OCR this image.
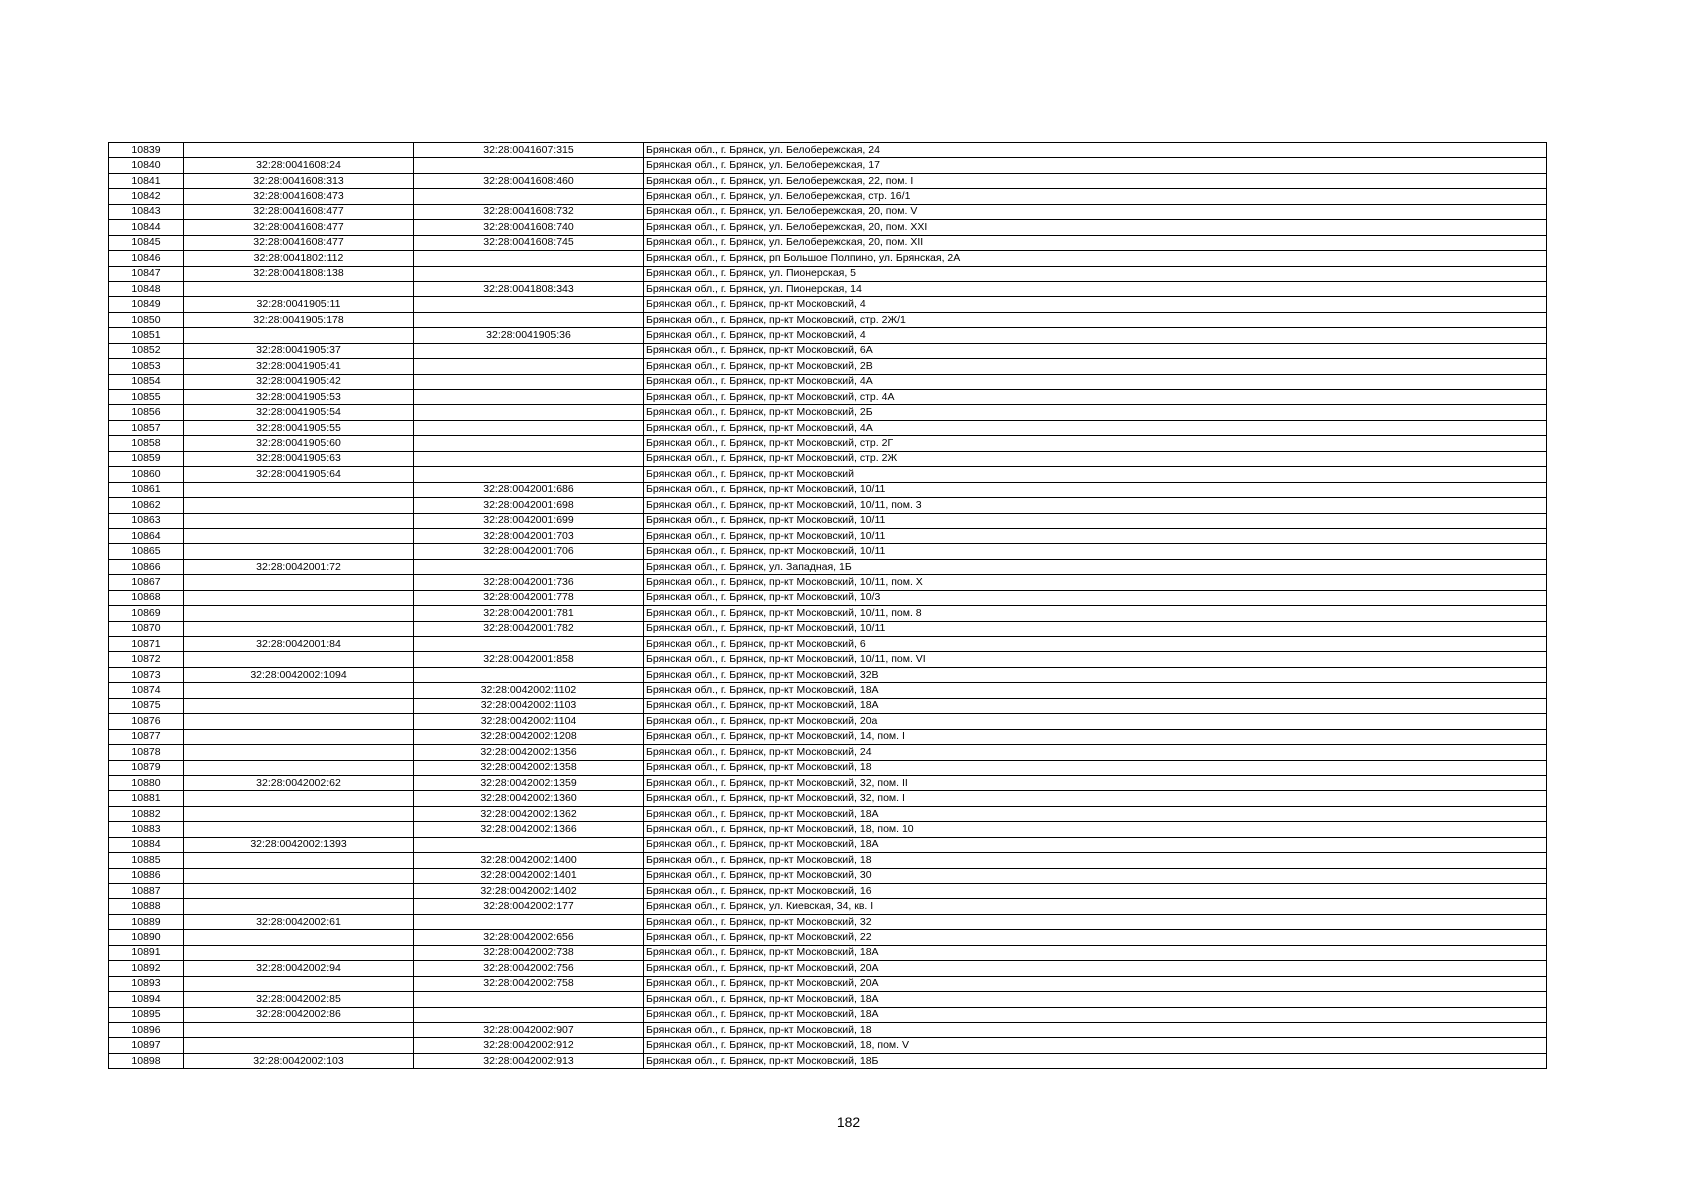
10839		32:28:0041607:315	Брянская обл., г. Брянск, ул. Белобережская, 24
10840	32:28:0041608:24		Брянская обл., г. Брянск, ул. Белобережская, 17
10841	32:28:0041608:313	32:28:0041608:460	Брянская обл., г. Брянск, ул. Белобережская, 22, пом. I
10842	32:28:0041608:473		Брянская обл., г. Брянск, ул. Белобережская, стр. 16/1
10843	32:28:0041608:477	32:28:0041608:732	Брянская обл., г. Брянск, ул. Белобережская, 20, пом. V
10844	32:28:0041608:477	32:28:0041608:740	Брянская обл., г. Брянск, ул. Белобережская, 20, пом. XXI
10845	32:28:0041608:477	32:28:0041608:745	Брянская обл., г. Брянск, ул. Белобережская, 20, пом. XII
10846	32:28:0041802:112		Брянская обл., г. Брянск, рп Большое Полпино, ул. Брянская, 2А
10847	32:28:0041808:138		Брянская обл., г. Брянск, ул. Пионерская, 5
10848		32:28:0041808:343	Брянская обл., г. Брянск, ул. Пионерская, 14
10849	32:28:0041905:11		Брянская обл., г. Брянск, пр-кт Московский, 4
10850	32:28:0041905:178		Брянская обл., г. Брянск, пр-кт Московский, стр. 2Ж/1
10851		32:28:0041905:36	Брянская обл., г. Брянск, пр-кт Московский, 4
10852	32:28:0041905:37		Брянская обл., г. Брянск, пр-кт Московский, 6А
10853	32:28:0041905:41		Брянская обл., г. Брянск, пр-кт Московский, 2В
10854	32:28:0041905:42		Брянская обл., г. Брянск, пр-кт Московский, 4А
10855	32:28:0041905:53		Брянская обл., г. Брянск, пр-кт Московский, стр. 4А
10856	32:28:0041905:54		Брянская обл., г. Брянск, пр-кт Московский, 2Б
10857	32:28:0041905:55		Брянская обл., г. Брянск, пр-кт Московский, 4А
10858	32:28:0041905:60		Брянская обл., г. Брянск, пр-кт Московский, стр. 2Г
10859	32:28:0041905:63		Брянская обл., г. Брянск, пр-кт Московский, стр. 2Ж
10860	32:28:0041905:64		Брянская обл., г. Брянск, пр-кт Московский
10861		32:28:0042001:686	Брянская обл., г. Брянск, пр-кт Московский, 10/11
10862		32:28:0042001:698	Брянская обл., г. Брянск, пр-кт Московский, 10/11, пом. 3
10863		32:28:0042001:699	Брянская обл., г. Брянск, пр-кт Московский, 10/11
10864		32:28:0042001:703	Брянская обл., г. Брянск, пр-кт Московский, 10/11
10865		32:28:0042001:706	Брянская обл., г. Брянск, пр-кт Московский, 10/11
10866	32:28:0042001:72		Брянская обл., г. Брянск, ул. Западная, 1Б
10867		32:28:0042001:736	Брянская обл., г. Брянск, пр-кт Московский, 10/11, пом. X
10868		32:28:0042001:778	Брянская обл., г. Брянск, пр-кт Московский, 10/3
10869		32:28:0042001:781	Брянская обл., г. Брянск, пр-кт Московский, 10/11, пом. 8
10870		32:28:0042001:782	Брянская обл., г. Брянск, пр-кт Московский, 10/11
10871	32:28:0042001:84		Брянская обл., г. Брянск, пр-кт Московский, 6
10872		32:28:0042001:858	Брянская обл., г. Брянск, пр-кт Московский, 10/11, пом. VI
10873	32:28:0042002:1094		Брянская обл., г. Брянск, пр-кт Московский, 32В
10874		32:28:0042002:1102	Брянская обл., г. Брянск, пр-кт Московский, 18А
10875		32:28:0042002:1103	Брянская обл., г. Брянск, пр-кт Московский, 18А
10876		32:28:0042002:1104	Брянская обл., г. Брянск, пр-кт Московский, 20а
10877		32:28:0042002:1208	Брянская обл., г. Брянск, пр-кт Московский, 14, пом. I
10878		32:28:0042002:1356	Брянская обл., г. Брянск, пр-кт Московский, 24
10879		32:28:0042002:1358	Брянская обл., г. Брянск, пр-кт Московский, 18
10880	32:28:0042002:62	32:28:0042002:1359	Брянская обл., г. Брянск, пр-кт Московский, 32, пом. II
10881		32:28:0042002:1360	Брянская обл., г. Брянск, пр-кт Московский, 32, пом. I
10882		32:28:0042002:1362	Брянская обл., г. Брянск, пр-кт Московский, 18А
10883		32:28:0042002:1366	Брянская обл., г. Брянск, пр-кт Московский, 18, пом. 10
10884	32:28:0042002:1393		Брянская обл., г. Брянск, пр-кт Московский, 18А
10885		32:28:0042002:1400	Брянская обл., г. Брянск, пр-кт Московский, 18
10886		32:28:0042002:1401	Брянская обл., г. Брянск, пр-кт Московский, 30
10887		32:28:0042002:1402	Брянская обл., г. Брянск, пр-кт Московский, 16
10888		32:28:0042002:177	Брянская обл., г. Брянск, ул. Киевская, 34, кв. I
10889	32:28:0042002:61		Брянская обл., г. Брянск, пр-кт Московский, 32
10890		32:28:0042002:656	Брянская обл., г. Брянск, пр-кт Московский, 22
10891		32:28:0042002:738	Брянская обл., г. Брянск, пр-кт Московский, 18А
10892	32:28:0042002:94	32:28:0042002:756	Брянская обл., г. Брянск, пр-кт Московский, 20А
10893		32:28:0042002:758	Брянская обл., г. Брянск, пр-кт Московский, 20А
10894	32:28:0042002:85		Брянская обл., г. Брянск, пр-кт Московский, 18А
10895	32:28:0042002:86		Брянская обл., г. Брянск, пр-кт Московский, 18А
10896		32:28:0042002:907	Брянская обл., г. Брянск, пр-кт Московский, 18
10897		32:28:0042002:912	Брянская обл., г. Брянск, пр-кт Московский, 18, пом. V
10898	32:28:0042002:103	32:28:0042002:913	Брянская обл., г. Брянск, пр-кт Московский, 18Б
182
